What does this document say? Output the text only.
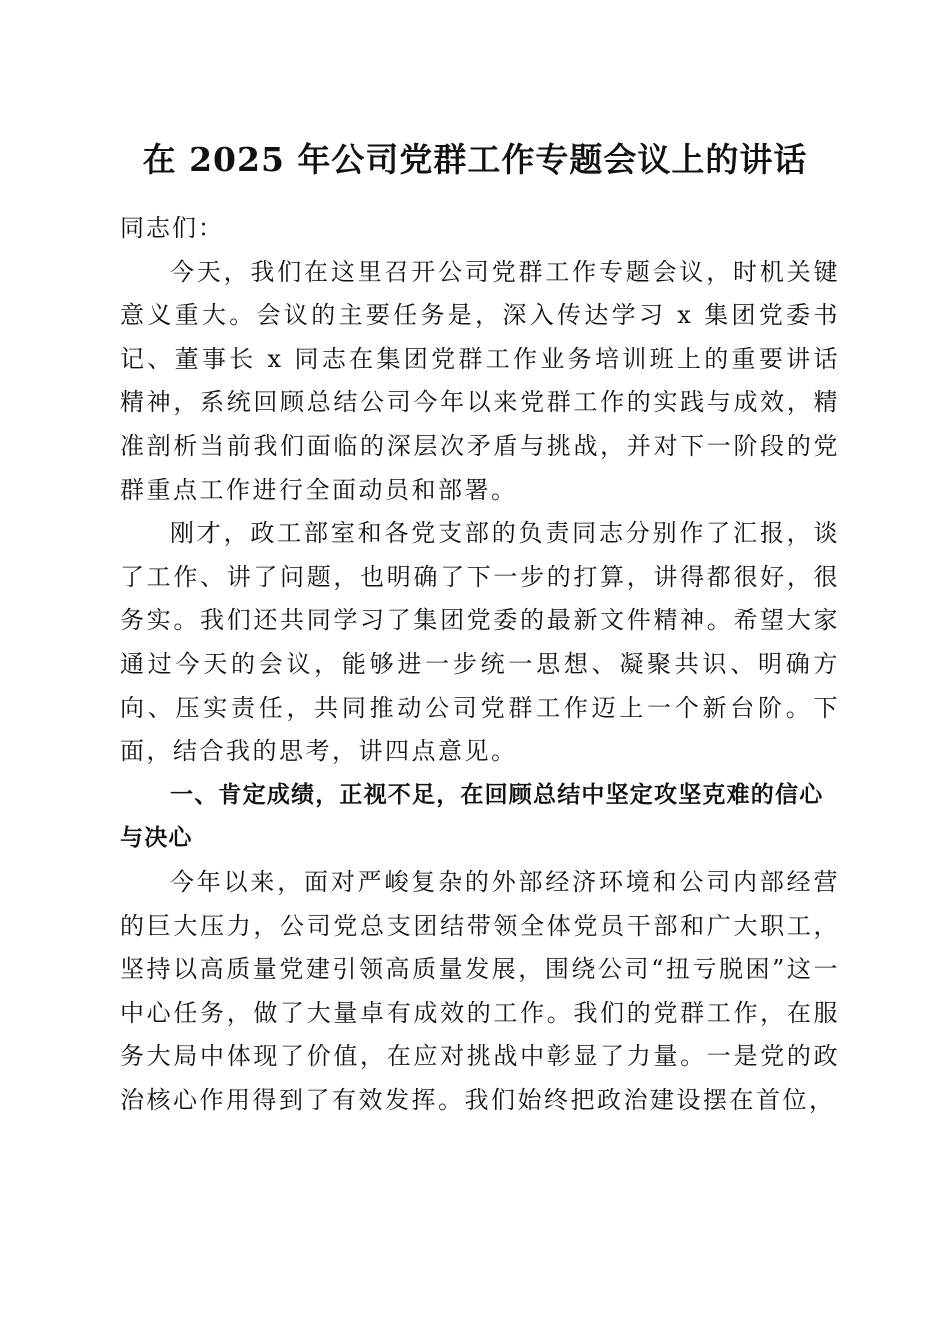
在 2025 年公司党群工作专题会议上的讲话

同志们：

今天，我们在这里召开公司党群工作专题会议，时机关键意义重大。会议的主要任务是，深入传达学习 x 集团党委书记、董事长 x 同志在集团党群工作业务培训班上的重要讲话精神，系统回顾总结公司今年以来党群工作的实践与成效，精准剖析当前我们面临的深层次矛盾与挑战，并对下一阶段的党群重点工作进行全面动员和部署。

刚才，政工部室和各党支部的负责同志分别作了汇报，谈了工作、讲了问题，也明确了下一步的打算，讲得都很好，很务实。我们还共同学习了集团党委的最新文件精神。希望大家通过今天的会议，能够进一步统一思想、凝聚共识、明确方向、压实责任，共同推动公司党群工作迈上一个新台阶。下面，结合我的思考，讲四点意见。

一、肯定成绩，正视不足，在回顾总结中坚定攻坚克难的信心与决心

今年以来，面对严峻复杂的外部经济环境和公司内部经营的巨大压力，公司党总支团结带领全体党员干部和广大职工，坚持以高质量党建引领高质量发展，围绕公司“扭亏脱困”这一中心任务，做了大量卓有成效的工作。我们的党群工作，在服务大局中体现了价值，在应对挑战中彰显了力量。一是党的政治核心作用得到了有效发挥。我们始终把政治建设摆在首位，
